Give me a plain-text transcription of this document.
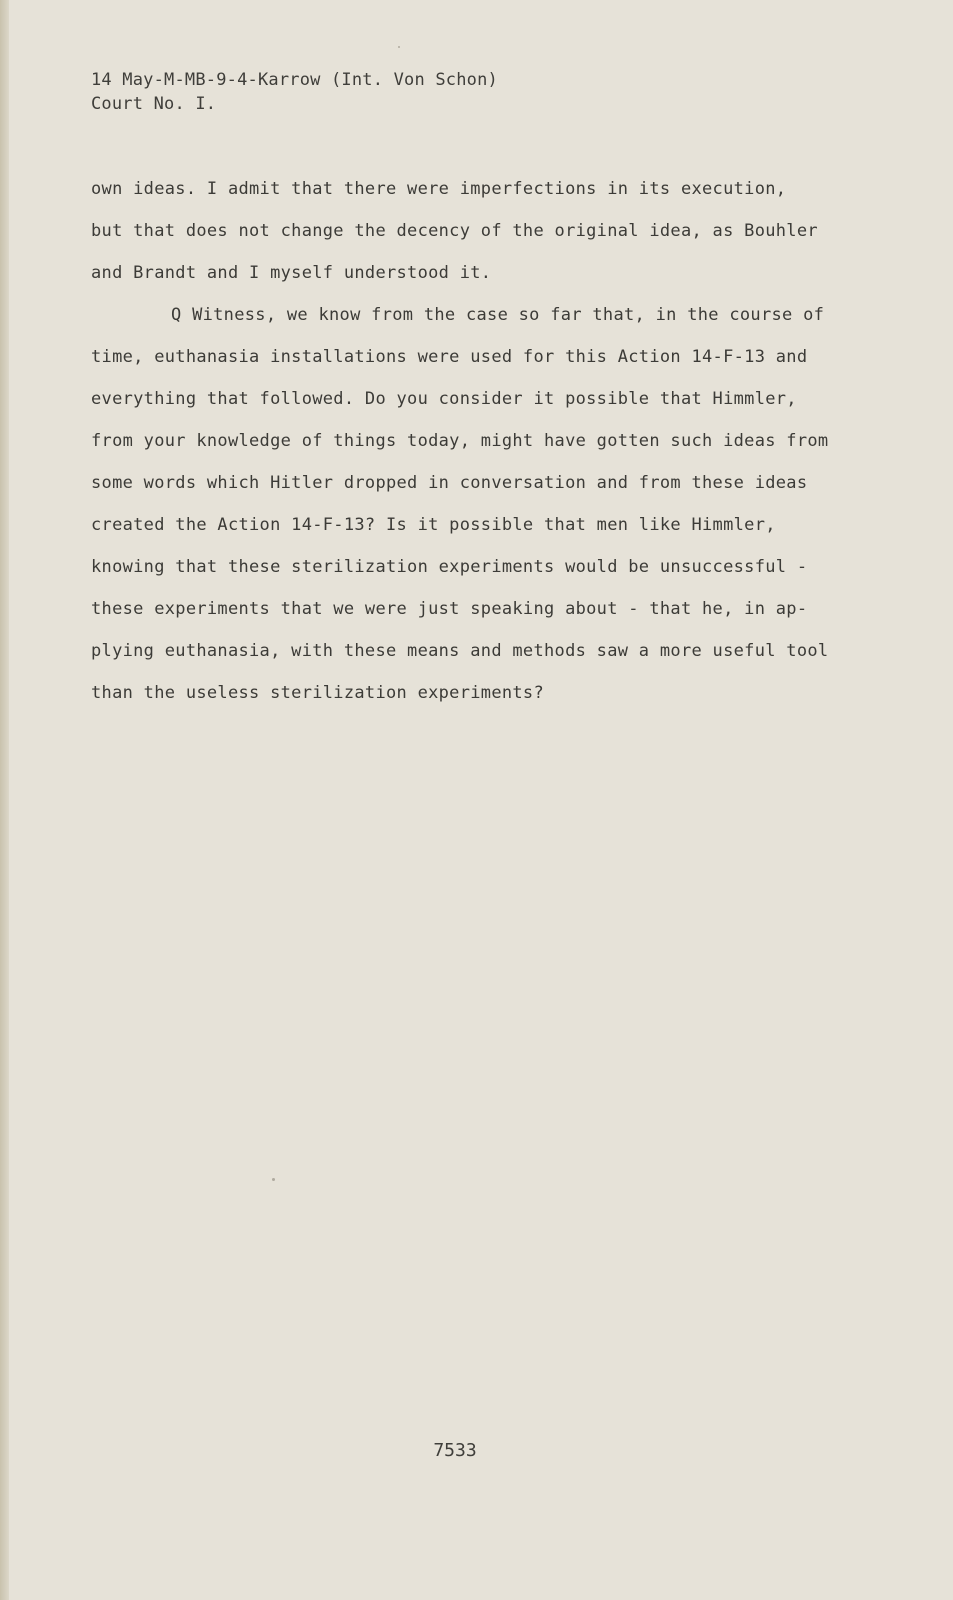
14 May-M-MB-9-4-Karrow (Int. Von Schon)
Court No. I.
own ideas. I admit that there were imperfections in its execution,
but that does not change the decency of the original idea, as Bouhler
and Brandt and I myself understood it.
Q Witness, we know from the case so far that, in the course of
time, euthanasia installations were used for this Action 14-F-13 and
everything that followed. Do you consider it possible that Himmler,
from your knowledge of things today, might have gotten such ideas from
some words which Hitler dropped in conversation and from these ideas
created the Action 14-F-13? Is it possible that men like Himmler,
knowing that these sterilization experiments would be unsuccessful -
these experiments that we were just speaking about - that he, in ap-
plying euthanasia, with these means and methods saw a more useful tool
than the useless sterilization experiments?
7533
